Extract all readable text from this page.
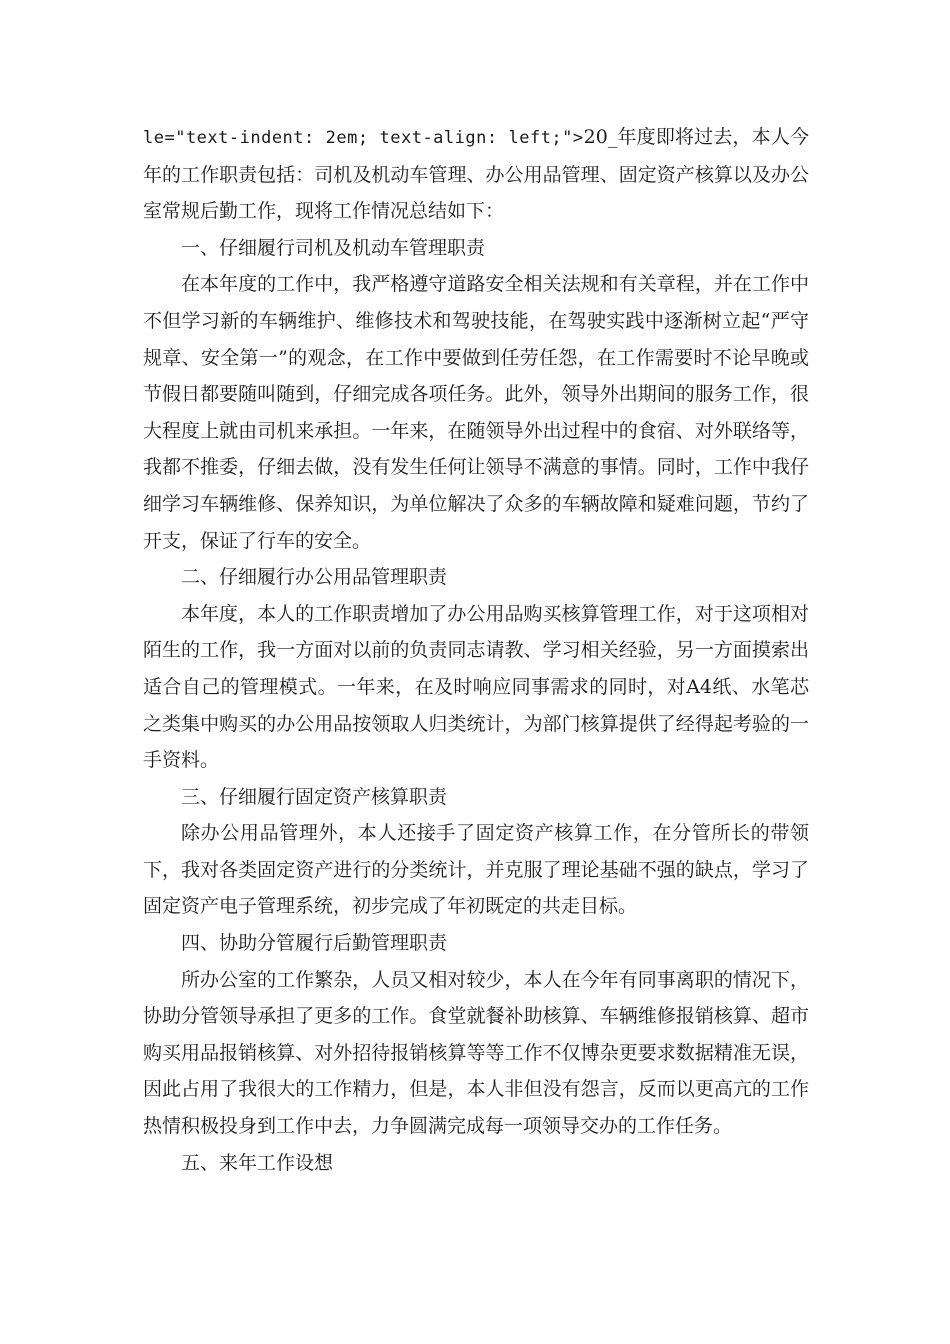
le="text-indent: 2em; text-align: left;">20_年度即将过去，本人今年的工作职责包括：司机及机动车管理、办公用品管理、固定资产核算以及办公室常规后勤工作，现将工作情况总结如下：

一、仔细履行司机及机动车管理职责

在本年度的工作中，我严格遵守道路安全相关法规和有关章程，并在工作中不但学习新的车辆维护、维修技术和驾驶技能，在驾驶实践中逐渐树立起“严守规章、安全第一”的观念，在工作中要做到任劳任怨，在工作需要时不论早晚或节假日都要随叫随到，仔细完成各项任务。此外，领导外出期间的服务工作，很大程度上就由司机来承担。一年来，在随领导外出过程中的食宿、对外联络等，我都不推委，仔细去做，没有发生任何让领导不满意的事情。同时，工作中我仔细学习车辆维修、保养知识，为单位解决了众多的车辆故障和疑难问题，节约了开支，保证了行车的安全。

二、仔细履行办公用品管理职责

本年度，本人的工作职责增加了办公用品购买核算管理工作，对于这项相对陌生的工作，我一方面对以前的负责同志请教、学习相关经验，另一方面摸索出适合自己的管理模式。一年来，在及时响应同事需求的同时，对A4纸、水笔芯之类集中购买的办公用品按领取人归类统计，为部门核算提供了经得起考验的一手资料。

三、仔细履行固定资产核算职责

除办公用品管理外，本人还接手了固定资产核算工作，在分管所长的带领下，我对各类固定资产进行的分类统计，并克服了理论基础不强的缺点，学习了固定资产电子管理系统，初步完成了年初既定的共走目标。

四、协助分管履行后勤管理职责

所办公室的工作繁杂，人员又相对较少，本人在今年有同事离职的情况下，协助分管领导承担了更多的工作。食堂就餐补助核算、车辆维修报销核算、超市购买用品报销核算、对外招待报销核算等等工作不仅博杂更要求数据精准无误，因此占用了我很大的工作精力，但是，本人非但没有怨言，反而以更高亢的工作热情积极投身到工作中去，力争圆满完成每一项领导交办的工作任务。

五、来年工作设想
